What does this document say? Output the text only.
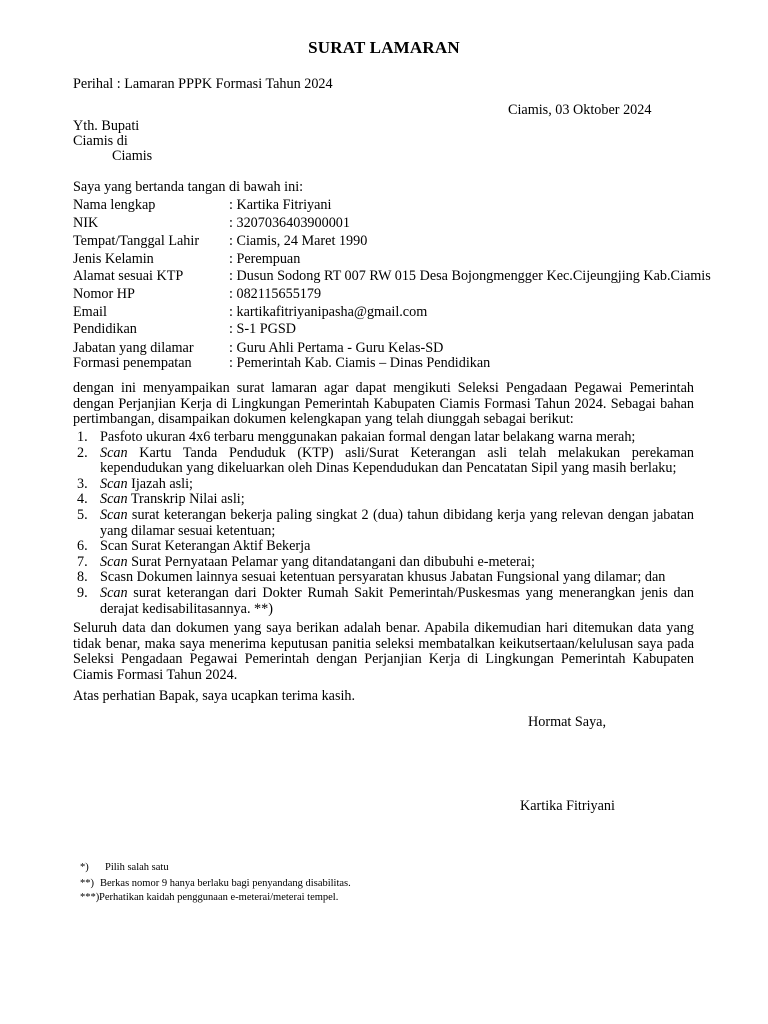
SURAT LAMARAN
Perihal : Lamaran PPPK Formasi Tahun 2024
Ciamis, 03 Oktober 2024
Yth. Bupati
Ciamis di
Ciamis
Saya yang bertanda tangan di bawah ini:
Nama lengkap	: Kartika Fitriyani
NIK	: 3207036403900001
Tempat/Tanggal Lahir : Ciamis, 24 Maret 1990
Jenis Kelamin	: Perempuan
Alamat sesuai KTP	: Dusun Sodong RT 007 RW 015 Desa Bojongmengger Kec.Cijeungjing Kab.Ciamis
Nomor HP	: 082115655179
Email	: kartikafitriyanipasha@gmail.com
Pendidikan	: S-1 PGSD
Jabatan yang dilamar : Guru Ahli Pertama - Guru Kelas-SD
Formasi penempatan	: Pemerintah Kab. Ciamis – Dinas Pendidikan
dengan ini menyampaikan surat lamaran agar dapat mengikuti Seleksi Pengadaan Pegawai Pemerintah dengan Perjanjian Kerja di Lingkungan Pemerintah Kabupaten Ciamis Formasi Tahun 2024. Sebagai bahan pertimbangan, disampaikan dokumen kelengkapan yang telah diunggah sebagai berikut:
1. Pasfoto ukuran 4x6 terbaru menggunakan pakaian formal dengan latar belakang warna merah;
2. Scan Kartu Tanda Penduduk (KTP) asli/Surat Keterangan asli telah melakukan perekaman kependudukan yang dikeluarkan oleh Dinas Kependudukan dan Pencatatan Sipil yang masih berlaku;
3. Scan Ijazah asli;
4. Scan Transkrip Nilai asli;
5. Scan surat keterangan bekerja paling singkat 2 (dua) tahun dibidang kerja yang relevan dengan jabatan yang dilamar sesuai ketentuan;
6. Scan Surat Keterangan Aktif Bekerja
7. Scan Surat Pernyataan Pelamar yang ditandatangani dan dibubuhi e-meterai;
8. Scasn Dokumen lainnya sesuai ketentuan persyaratan khusus Jabatan Fungsional yang dilamar; dan
9. Scan surat keterangan dari Dokter Rumah Sakit Pemerintah/Puskesmas yang menerangkan jenis dan derajat kedisabilitasannya. **)
Seluruh data dan dokumen yang saya berikan adalah benar. Apabila dikemudian hari ditemukan data yang tidak benar, maka saya menerima keputusan panitia seleksi membatalkan keikutsertaan/kelulusan saya pada Seleksi Pengadaan Pegawai Pemerintah dengan Perjanjian Kerja di Lingkungan Pemerintah Kabupaten Ciamis Formasi Tahun 2024.
Atas perhatian Bapak, saya ucapkan terima kasih.
Hormat Saya,
Kartika Fitriyani
*) Pilih salah satu
**) Berkas nomor 9 hanya berlaku bagi penyandang disabilitas.
***) Perhatikan kaidah penggunaan e-meterai/meterai tempel.
